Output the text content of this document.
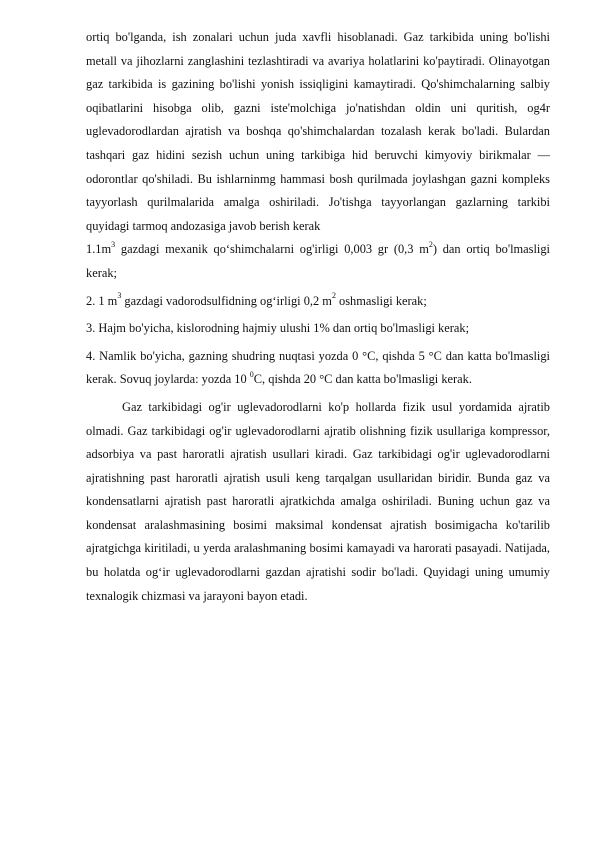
ortiq bo'lganda, ish zonalari uchun juda xavfli hisoblanadi. Gaz tarkibida uning bo'lishi metall va jihozlarni zanglashini tezlashtiradi va avariya holatlarini ko'paytiradi. Olinayotgan gaz tarkibida is gazining bo'lishi yonish issiqligini kamaytiradi. Qo'shimchalarning salbiy oqibatlarini hisobga olib, gazni iste'molchiga jo'natishdan oldin uni quritish, og4r uglevadorodlardan ajratish va boshqa qo'shimchalardan tozalash kerak bo'ladi. Bulardan tashqari gaz hidini sezish uchun uning tarkibiga hid beruvchi kimyoviy birikmalar — odorontlar qo'shiladi. Bu ishlarninmg hammasi bosh qurilmada joylashgan gazni kompleks tayyorlash qurilmalarida amalga oshiriladi. Jo'tishga tayyorlangan gazlarning tarkibi quyidagi tarmoq andozasiga javob berish kerak

$1.1m^3$ gazdagi mexanik qo‘shimchalarni og'irligi 0,003 gr (0,3 $m^2$) dan ortiq bo'lmasligi kerak;

2. 1 $m^3$ gazdagi vadorodsulfidning og‘irligi 0,2 $m^2$ oshmasligi kerak;

3. Hajm bo'yicha, kislorodning hajmiy ulushi 1% dan ortiq bo'lmasligi kerak;

4. Namlik bo'yicha, gazning shudring nuqtasi yozda 0 °C, qishda 5 °C dan katta bo'lmasligi kerak. Sovuq joylarda: yozda 10 $^0$C, qishda 20 °C dan katta bo'lmasligi kerak.

Gaz tarkibidagi og'ir uglevadorodlarni ko'p hollarda fizik usul yordamida ajratib olmadi. Gaz tarkibidagi og'ir uglevadorodlarni ajratib olishning fizik usullariga kompressor, adsorbiya va past haroratli ajratish usullari kiradi. Gaz tarkibidagi og'ir uglevadorodlarni ajratishning past haroratli ajratish usuli keng tarqalgan usullaridan biridir. Bunda gaz va kondensatlarni ajratish past haroratli ajratkichda amalga oshiriladi. Buning uchun gaz va kondensat aralashmasining bosimi maksimal kondensat ajratish bosimigacha ko'tarilib ajratgichga kiritiladi, u yerda aralashmaning bosimi kamayadi va harorati pasayadi. Natijada, bu holatda og‘ir uglevadorodlarni gazdan ajratishi sodir bo'ladi. Quyidagi uning umumiy texnalogik chizmasi va jarayoni bayon etadi.
